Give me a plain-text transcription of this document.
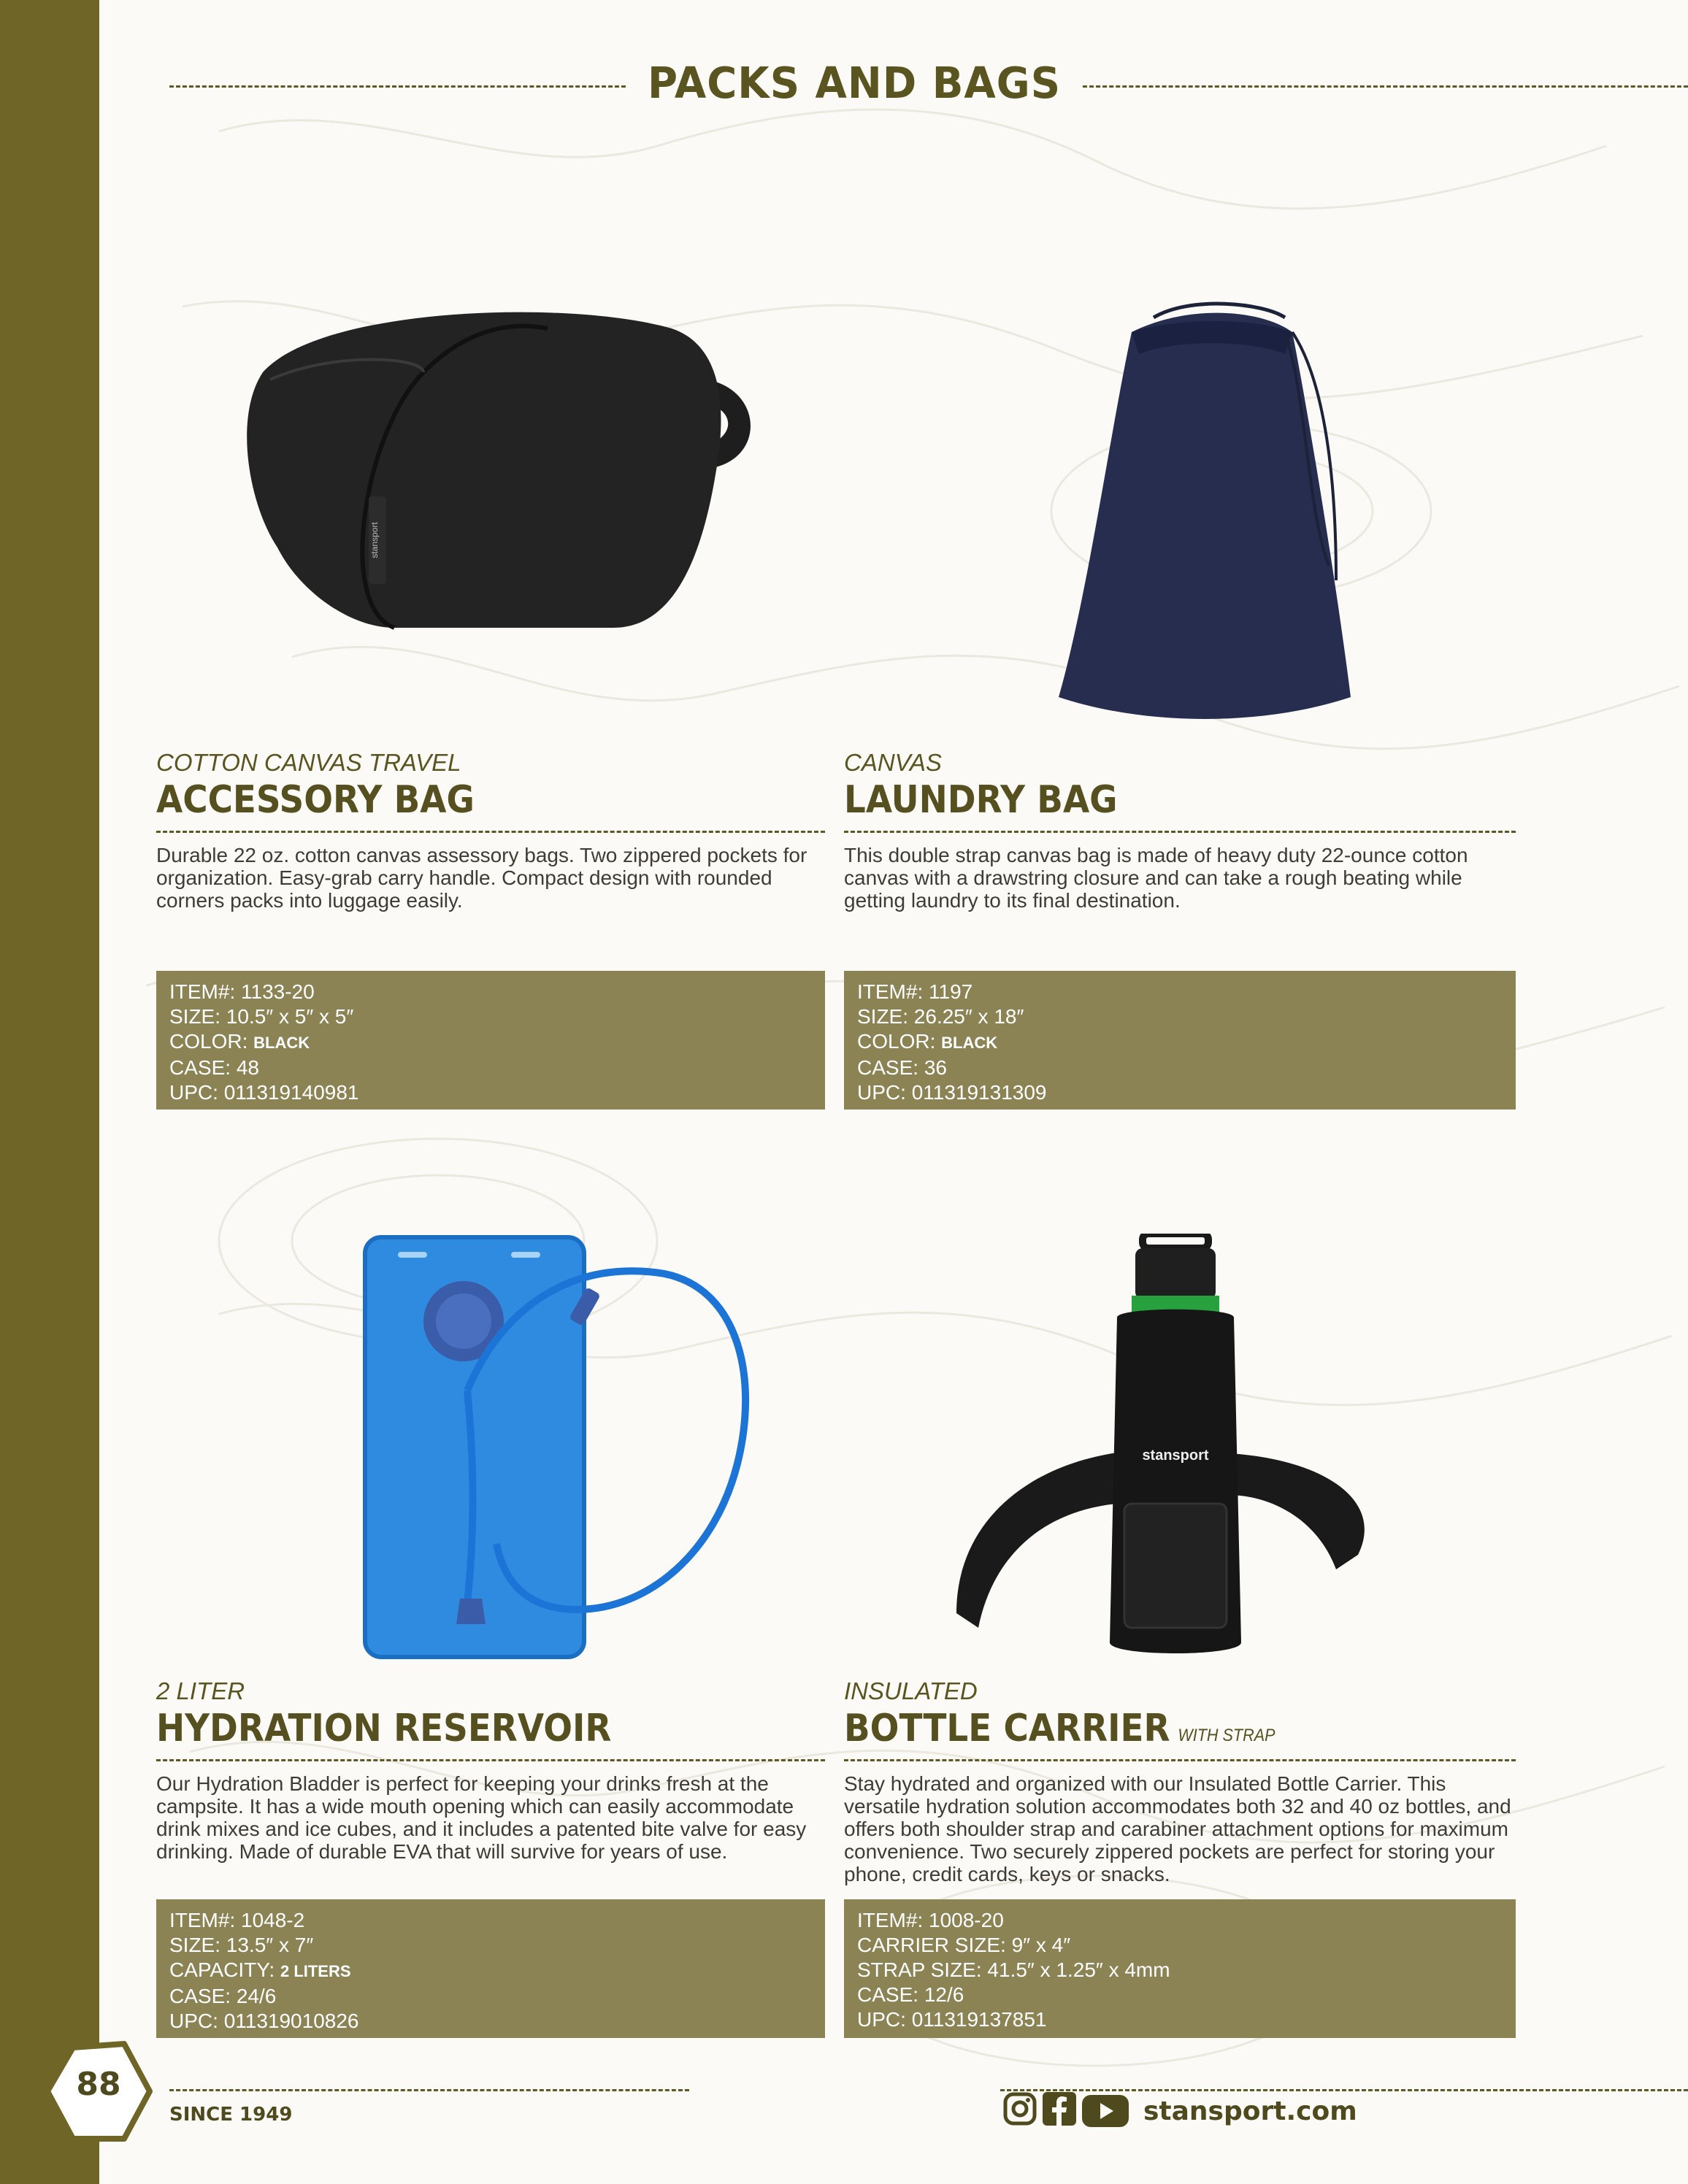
PACKS AND BAGS
stansport
COTTON CANVAS TRAVEL
ACCESSORY BAG
Durable 22 oz. cotton canvas assessory bags. Two zippered pockets for organization. Easy-grab carry handle. Compact design with rounded corners packs into luggage easily.
ITEM#: 1133-20
SIZE: 10.5″ x 5″ x 5″
COLOR: BLACK
CASE: 48
UPC: 011319140981
CANVAS
LAUNDRY BAG
This double strap canvas bag is made of heavy duty 22-ounce cotton canvas with a drawstring closure and can take a rough beating while getting laundry to its final destination.
ITEM#: 1197
SIZE: 26.25″ x 18″
COLOR: BLACK
CASE: 36
UPC: 011319131309
2 LITER
HYDRATION RESERVOIR
Our Hydration Bladder is perfect for keeping your drinks fresh at the campsite. It has a wide mouth opening which can easily accommodate drink mixes and ice cubes, and it includes a patented bite valve for easy drinking. Made of durable EVA that will survive for years of use.
ITEM#: 1048-2
SIZE: 13.5″ x 7″
CAPACITY: 2 LITERS
CASE: 24/6
UPC: 011319010826
stansport
INSULATED
BOTTLE CARRIER WITH STRAP
Stay hydrated and organized with our Insulated Bottle Carrier. This versatile hydration solution accommodates both 32 and 40 oz bottles, and offers both shoulder strap and carabiner attachment options for maximum convenience. Two securely zippered pockets are perfect for storing your phone, credit cards, keys or snacks.
ITEM#: 1008-20
CARRIER SIZE: 9″ x 4″
STRAP SIZE: 41.5″ x 1.25″ x 4mm
CASE: 12/6
UPC: 011319137851
88
SINCE 1949	stansport.com
